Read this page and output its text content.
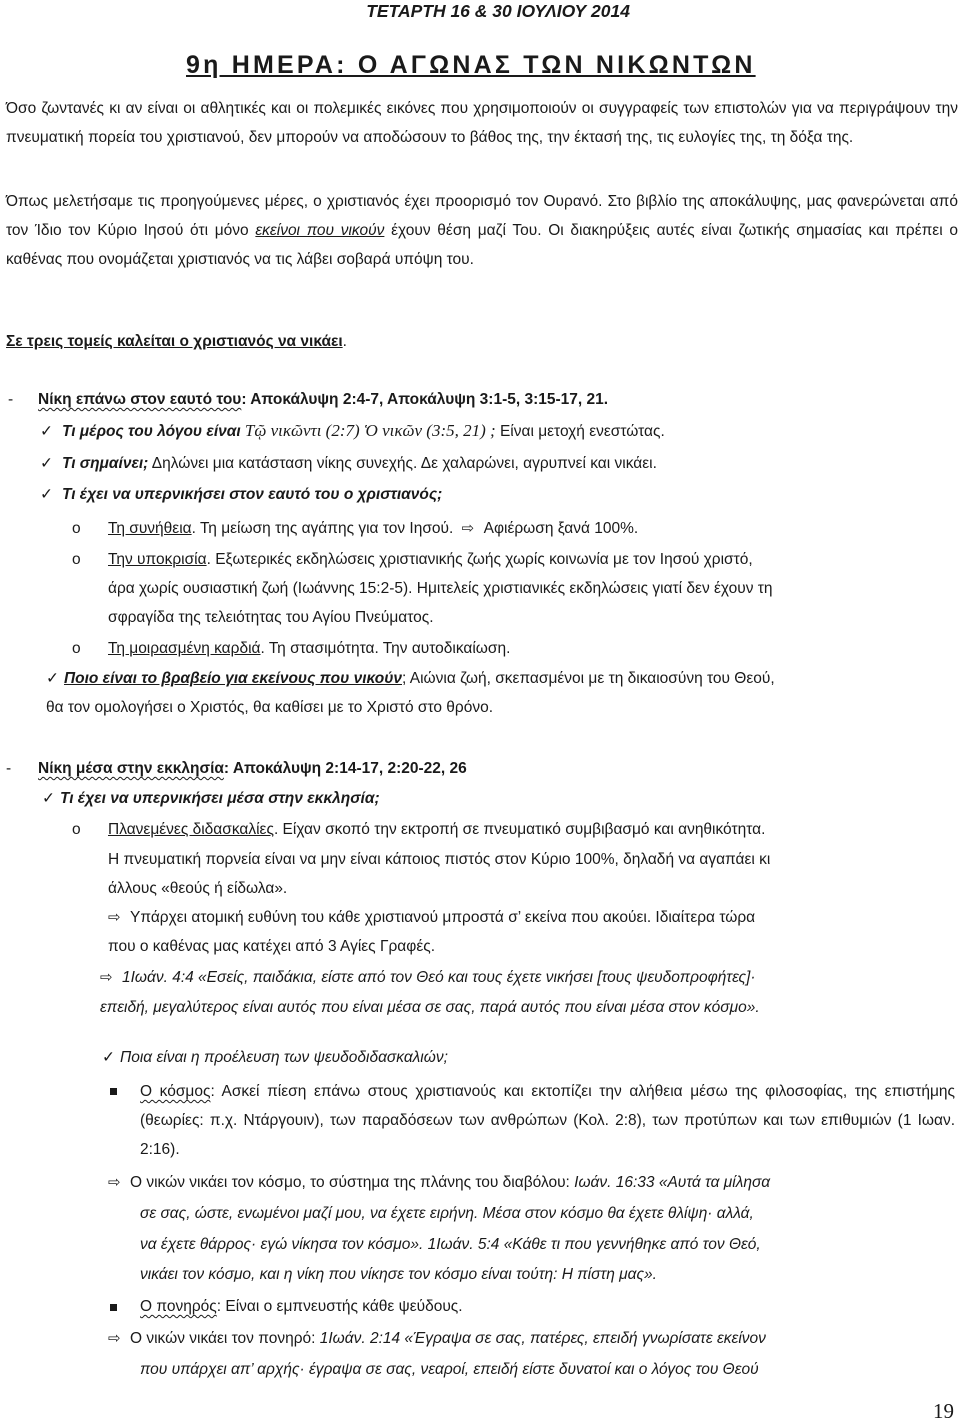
ΤΕΤΑΡΤΗ 16 & 30 ΙΟΥΛΙΟΥ 2014
9η ΗΜΕΡΑ: Ο ΑΓΩΝΑΣ ΤΩΝ ΝΙΚΩΝΤΩΝ

Όσο ζωντανές κι αν είναι οι αθλητικές και οι πολεμικές εικόνες που χρησιμοποιούν οι συγγραφείς των επιστολών για να περιγράψουν την πνευματική πορεία του χριστιανού, δεν μπορούν να αποδώσουν το βάθος της, την έκτασή της, τις ευλογίες της, τη δόξα της.

Όπως μελετήσαμε τις προηγούμενες μέρες, ο χριστιανός έχει προορισμό τον Ουρανό. Στο βιβλίο της αποκάλυψης, μας φανερώνεται από τον Ίδιο τον Κύριο Ιησού ότι μόνο εκείνοι που νικούν έχουν θέση μαζί Του. Οι διακηρύξεις αυτές είναι ζωτικής σημασίας και πρέπει ο καθένας που ονομάζεται χριστιανός να τις λάβει σοβαρά υπόψη του.

Σε τρεις τομείς καλείται ο χριστιανός να νικάει.

- Νίκη επάνω στον εαυτό του: Αποκάλυψη 2:4-7, Αποκάλυψη 3:1-5, 3:15-17, 21.
✓ Τι μέρος του λόγου είναι Τῷ νικῶντι (2:7) Ὁ νικῶν (3:5, 21) ; Είναι μετοχή ενεστώτας.
✓ Τι σημαίνει; Δηλώνει μια κατάσταση νίκης συνεχής. Δε χαλαρώνει, αγρυπνεί και νικάει.
✓ Τι έχει να υπερνικήσει στον εαυτό του ο χριστιανός;
o Τη συνήθεια. Τη μείωση της αγάπης για τον Ιησού. ⇨ Αφιέρωση ξανά 100%.
o Την υποκρισία. Εξωτερικές εκδηλώσεις χριστιανικής ζωής χωρίς κοινωνία με τον Ιησού χριστό,
άρα χωρίς ουσιαστική ζωή (Ιωάννης 15:2-5). Ημιτελείς χριστιανικές εκδηλώσεις γιατί δεν έχουν τη
σφραγίδα της τελειότητας του Αγίου Πνεύματος.
o Τη μοιρασμένη καρδιά. Τη στασιμότητα. Την αυτοδικαίωση.
✓ Ποιο είναι το βραβείο για εκείνους που νικούν; Αιώνια ζωή, σκεπασμένοι με τη δικαιοσύνη του Θεού,
θα τον ομολογήσει ο Χριστός, θα καθίσει με το Χριστό στο θρόνο.
- Νίκη μέσα στην εκκλησία: Αποκάλυψη 2:14-17, 2:20-22, 26
✓ Τι έχει να υπερνικήσει μέσα στην εκκλησία;
o Πλανεμένες διδασκαλίες. Είχαν σκοπό την εκτροπή σε πνευματικό συμβιβασμό και ανηθικότητα.
Η πνευματική πορνεία είναι να μην είναι κάποιος πιστός στον Κύριο 100%, δηλαδή να αγαπάει κι
άλλους «θεούς ή είδωλα».
⇨ Υπάρχει ατομική ευθύνη του κάθε χριστιανού μπροστά σ’ εκείνα που ακούει. Ιδιαίτερα τώρα
που ο καθένας μας κατέχει από 3 Αγίες Γραφές.
⇨ 1Ιωάν. 4:4 «Εσείς, παιδάκια, είστε από τον Θεό και τους έχετε νικήσει [τους ψευδοπροφήτες]·
επειδή, μεγαλύτερος είναι αυτός που είναι μέσα σε σας, παρά αυτός που είναι μέσα στον κόσμο».
✓ Ποια είναι η προέλευση των ψευδοδιδασκαλιών;
Ο κόσμος: Ασκεί πίεση επάνω στους χριστιανούς και εκτοπίζει την αλήθεια μέσω της φιλοσοφίας, της επιστήμης (θεωρίες: π.χ. Ντάργουιν), των παραδόσεων των ανθρώπων (Κολ. 2:8), των προτύπων και των επιθυμιών (1 Ιωαν. 2:16).
⇨ Ο νικών νικάει τον κόσμο, το σύστημα της πλάνης του διαβόλου: Ιωάν. 16:33 «Αυτά τα μίλησα
σε σας, ώστε, ενωμένοι μαζί μου, να έχετε ειρήνη. Μέσα στον κόσμο θα έχετε θλίψη· αλλά,
να έχετε θάρρος· εγώ νίκησα τον κόσμο». 1Ιωάν. 5:4 «Κάθε τι που γεννήθηκε από τον Θεό,
νικάει τον κόσμο, και η νίκη που νίκησε τον κόσμο είναι τούτη: Η πίστη μας».
Ο πονηρός: Είναι ο εμπνευστής κάθε ψεύδους.
⇨ Ο νικών νικάει τον πονηρό: 1Ιωάν. 2:14 «Έγραψα σε σας, πατέρες, επειδή γνωρίσατε εκείνον
που υπάρχει απ’ αρχής· έγραψα σε σας, νεαροί, επειδή είστε δυνατοί και ο λόγος του Θεού
19
